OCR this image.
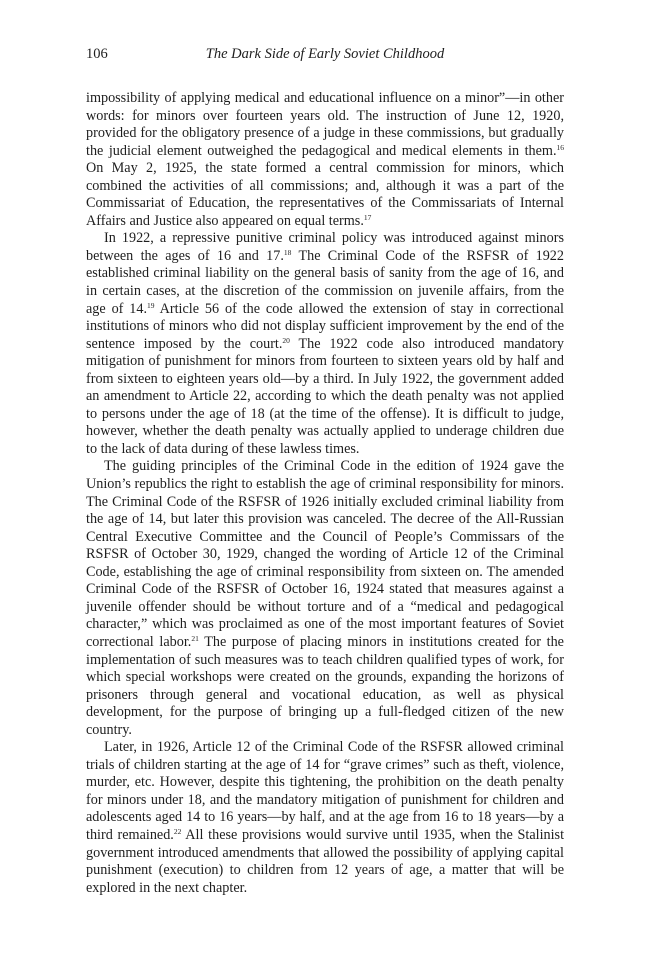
106	The Dark Side of Early Soviet Childhood

impossibility of applying medical and educational influence on a minor”—in other words: for minors over fourteen years old. The instruction of June 12, 1920, provided for the obligatory presence of a judge in these commissions, but gradually the judicial element outweighed the pedagogical and medical elements in them.$^{16}$ On May 2, 1925, the state formed a central commission for minors, which combined the activities of all commissions; and, although it was a part of the Commissariat of Education, the representatives of the Commissariats of Internal Affairs and Justice also appeared on equal terms.$^{17}$

In 1922, a repressive punitive criminal policy was introduced against minors between the ages of 16 and 17.18 The Criminal Code of the RSFSR of 1922 established criminal liability on the general basis of sanity from the age of 16, and in certain cases, at the discretion of the commission on juvenile affairs, from the age of 14.19 Article 56 of the code allowed the extension of stay in correctional institutions of minors who did not display sufficient improvement by the end of the sentence imposed by the court.$^{20}$ The 1922 code also introduced mandatory mitigation of punishment for minors from fourteen to sixteen years old by half and from sixteen to eighteen years old—by a third. In July 1922, the government added an amendment to Article 22, according to which the death penalty was not applied to persons under the age of 18 (at the time of the offense). It is difficult to judge, however, whether the death penalty was actually applied to underage children due to the lack of data during of these lawless times.

The guiding principles of the Criminal Code in the edition of 1924 gave the Union’s republics the right to establish the age of criminal responsibility for minors. The Criminal Code of the RSFSR of 1926 initially excluded criminal liability from the age of 14, but later this provision was canceled. The decree of the All-Russian Central Executive Committee and the Council of People’s Commissars of the RSFSR of October 30, 1929, changed the wording of Article 12 of the Criminal Code, establishing the age of criminal responsibility from sixteen on. The amended Criminal Code of the RSFSR of October 16, 1924 stated that measures against a juvenile offender should be without torture and of a “medical and pedagogical character,” which was proclaimed as one of the most important features of Soviet correctional labor.$^{21}$ The purpose of placing minors in institutions created for the implementation of such measures was to teach children qualified types of work, for which special workshops were created on the grounds, expanding the horizons of prisoners through general and vocational education, as well as physical development, for the purpose of bringing up a full-fledged citizen of the new country.

Later, in 1926, Article 12 of the Criminal Code of the RSFSR allowed criminal trials of children starting at the age of 14 for “grave crimes” such as theft, violence, murder, etc. However, despite this tightening, the prohibition on the death penalty for minors under 18, and the mandatory mitigation of punishment for children and adolescents aged 14 to 16 years—by half, and at the age from 16 to 18 years—by a third remained.$^{22}$ All these provisions would survive until 1935, when the Stalinist government introduced amendments that allowed the possibility of applying capital punishment (execution) to children from 12 years of age, a matter that will be explored in the next chapter.
